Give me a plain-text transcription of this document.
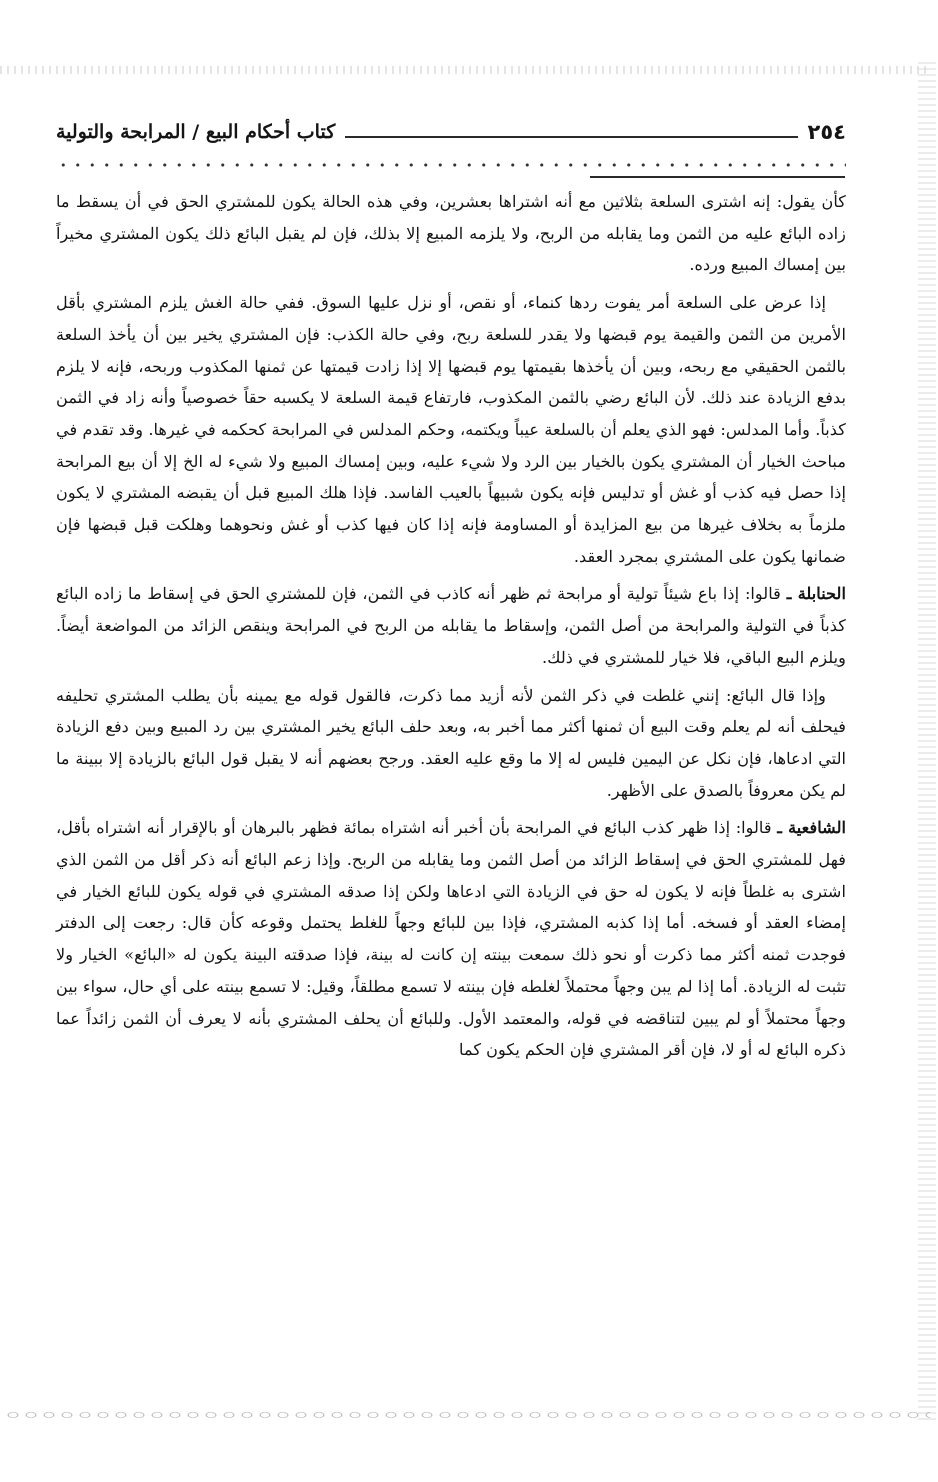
٢٥٤
كتاب أحكام البيع / المرابحة والتولية

كأن يقول: إنه اشترى السلعة بثلاثين مع أنه اشتراها بعشرين، وفي هذه الحالة يكون للمشتري الحق في أن يسقط ما زاده البائع عليه من الثمن وما يقابله من الربح، ولا يلزمه المبيع إلا بذلك، فإن لم يقبل البائع ذلك يكون المشتري مخيراً بين إمساك المبيع ورده.

إذا عرض على السلعة أمر يفوت ردها كنماء، أو نقص، أو نزل عليها السوق. ففي حالة الغش يلزم المشتري بأقل الأمرين من الثمن والقيمة يوم قبضها ولا يقدر للسلعة ربح، وفي حالة الكذب: فإن المشتري يخير بين أن يأخذ السلعة بالثمن الحقيقي مع ربحه، وبين أن يأخذها بقيمتها يوم قبضها إلا إذا زادت قيمتها عن ثمنها المكذوب وربحه، فإنه لا يلزم بدفع الزيادة عند ذلك. لأن البائع رضي بالثمن المكذوب، فارتفاع قيمة السلعة لا يكسبه حقاً خصوصياً وأنه زاد في الثمن كذباً. وأما المدلس: فهو الذي يعلم أن بالسلعة عيباً ويكتمه، وحكم المدلس في المرابحة كحكمه في غيرها. وقد تقدم في مباحث الخيار أن المشتري يكون بالخيار بين الرد ولا شيء عليه، وبين إمساك المبيع ولا شيء له الخ إلا أن بيع المرابحة إذا حصل فيه كذب أو غش أو تدليس فإنه يكون شبيهاً بالعيب الفاسد. فإذا هلك المبيع قبل أن يقبضه المشتري لا يكون ملزماً به بخلاف غيرها من بيع المزايدة أو المساومة فإنه إذا كان فيها كذب أو غش ونحوهما وهلكت قبل قبضها فإن ضمانها يكون على المشتري بمجرد العقد.

الحنابلة ـ قالوا: إذا باع شيئاً تولية أو مرابحة ثم ظهر أنه كاذب في الثمن، فإن للمشتري الحق في إسقاط ما زاده البائع كذباً في التولية والمرابحة من أصل الثمن، وإسقاط ما يقابله من الربح في المرابحة وينقص الزائد من المواضعة أيضاً. ويلزم البيع الباقي، فلا خيار للمشتري في ذلك.

وإذا قال البائع: إنني غلطت في ذكر الثمن لأنه أزيد مما ذكرت، فالقول قوله مع يمينه بأن يطلب المشتري تحليفه فيحلف أنه لم يعلم وقت البيع أن ثمنها أكثر مما أخبر به، وبعد حلف البائع يخير المشتري بين رد المبيع وبين دفع الزيادة التي ادعاها، فإن نكل عن اليمين فليس له إلا ما وقع عليه العقد. ورجح بعضهم أنه لا يقبل قول البائع بالزيادة إلا ببينة ما لم يكن معروفاً بالصدق على الأظهر.

الشافعية ـ قالوا: إذا ظهر كذب البائع في المرابحة بأن أخبر أنه اشتراه بمائة فظهر بالبرهان أو بالإقرار أنه اشتراه بأقل، فهل للمشتري الحق في إسقاط الزائد من أصل الثمن وما يقابله من الربح. وإذا زعم البائع أنه ذكر أقل من الثمن الذي اشترى به غلطاً فإنه لا يكون له حق في الزيادة التي ادعاها ولكن إذا صدقه المشتري في قوله يكون للبائع الخيار في إمضاء العقد أو فسخه. أما إذا كذبه المشتري، فإذا بين للبائع وجهاً للغلط يحتمل وقوعه كأن قال: رجعت إلى الدفتر فوجدت ثمنه أكثر مما ذكرت أو نحو ذلك سمعت بينته إن كانت له بينة، فإذا صدقته البينة يكون له «البائع» الخيار ولا تثبت له الزيادة. أما إذا لم يبن وجهاً محتملاً لغلطه فإن بينته لا تسمع مطلقاً، وقيل: لا تسمع بينته على أي حال، سواء بين وجهاً محتملاً أو لم يبين لتناقضه في قوله، والمعتمد الأول. وللبائع أن يحلف المشتري بأنه لا يعرف أن الثمن زائداً عما ذكره البائع له أو لا، فإن أقر المشتري فإن الحكم يكون كما
